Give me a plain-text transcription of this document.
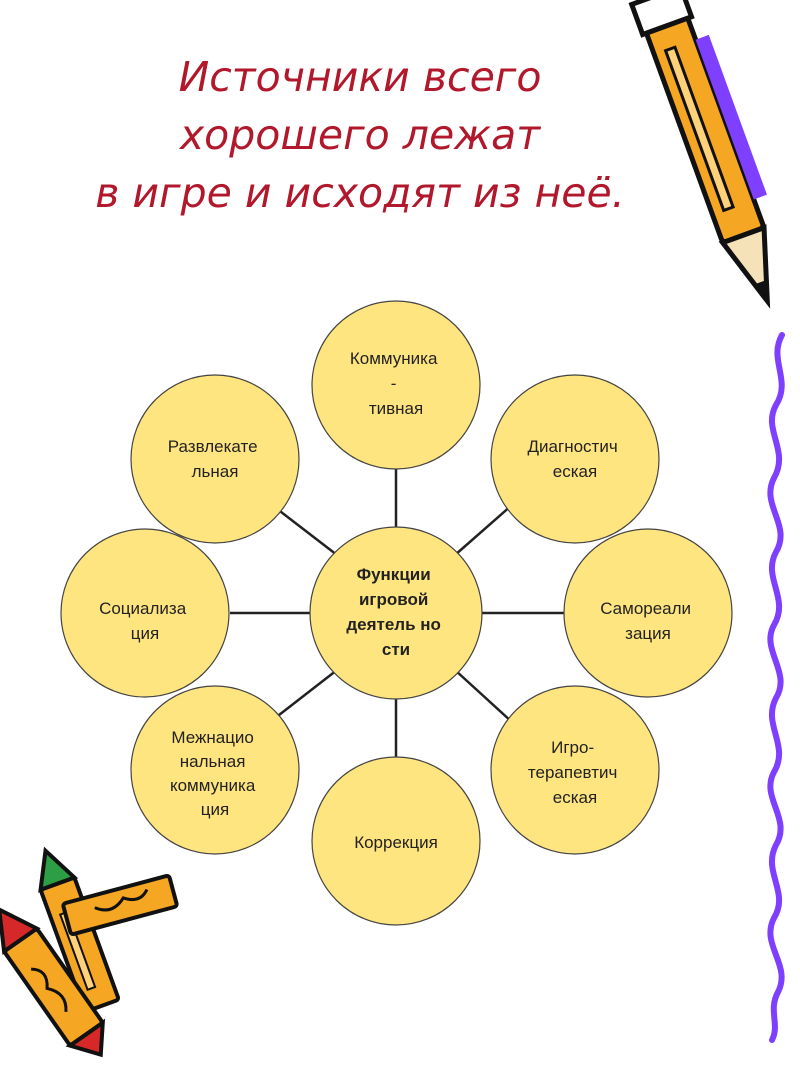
Источники всего
хорошего лежат
в игре и исходят из неё.
Коммуника - тивная
Диагностич еская
Самореали зация
Игро- терапевтич еская
Коррекция
Межнацио нальная коммуника ция
Социализа ция
Развлекате льная
Функции игровой деятель но сти
